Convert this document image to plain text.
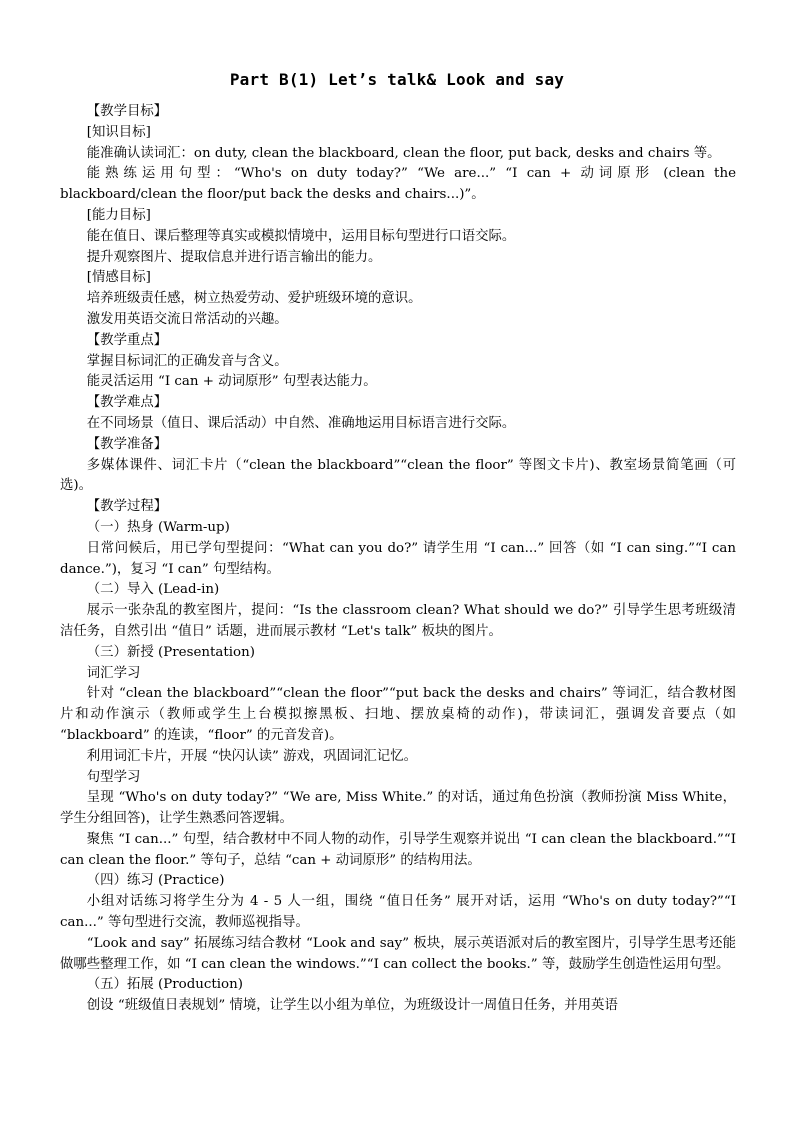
Part B(1) Let’s talk& Look and say

【教学目标】

[知识目标]

能准确认读词汇：on duty, clean the blackboard, clean the floor, put back, desks and chairs 等。

能熟练运用句型：“Who's on duty today?” “We are...” “I can + 动词原形 (clean the blackboard/clean the floor/put back the desks and chairs...)”。

[能力目标]

能在值日、课后整理等真实或模拟情境中，运用目标句型进行口语交际。

提升观察图片、提取信息并进行语言输出的能力。

[情感目标]

培养班级责任感，树立热爱劳动、爱护班级环境的意识。

激发用英语交流日常活动的兴趣。

【教学重点】

掌握目标词汇的正确发音与含义。

能灵活运用 “I can + 动词原形” 句型表达能力。

【教学难点】

在不同场景（值日、课后活动）中自然、准确地运用目标语言进行交际。

【教学准备】

多媒体课件、词汇卡片（“clean the blackboard”“clean the floor” 等图文卡片)、教室场景简笔画（可选)。

【教学过程】

（一）热身 (Warm-up)

日常问候后，用已学句型提问：“What can you do?” 请学生用 “I can...” 回答（如 “I can sing.”“I can dance.”)，复习 “I can” 句型结构。

（二）导入 (Lead-in)

展示一张杂乱的教室图片，提问：“Is the classroom clean? What should we do?” 引导学生思考班级清洁任务，自然引出 “值日” 话题，进而展示教材 “Let's talk” 板块的图片。

（三）新授 (Presentation)

词汇学习

针对 “clean the blackboard”“clean the floor”“put back the desks and chairs” 等词汇，结合教材图片和动作演示（教师或学生上台模拟擦黑板、扫地、摆放桌椅的动作)，带读词汇，强调发音要点（如 “blackboard” 的连读，“floor” 的元音发音)。

利用词汇卡片，开展 “快闪认读” 游戏，巩固词汇记忆。

句型学习

呈现 “Who's on duty today?” “We are, Miss White.” 的对话，通过角色扮演（教师扮演 Miss White，学生分组回答)，让学生熟悉问答逻辑。

聚焦 “I can...” 句型，结合教材中不同人物的动作，引导学生观察并说出 “I can clean the blackboard.”“I can clean the floor.” 等句子，总结 “can + 动词原形” 的结构用法。

（四）练习 (Practice)

小组对话练习将学生分为 4 - 5 人一组，围绕 “值日任务” 展开对话，运用 “Who's on duty today?”“I can...” 等句型进行交流，教师巡视指导。

“Look and say” 拓展练习结合教材 “Look and say” 板块，展示英语派对后的教室图片，引导学生思考还能做哪些整理工作，如 “I can clean the windows.”“I can collect the books.” 等，鼓励学生创造性运用句型。

（五）拓展 (Production)

创设 “班级值日表规划” 情境，让学生以小组为单位，为班级设计一周值日任务，并用英语
